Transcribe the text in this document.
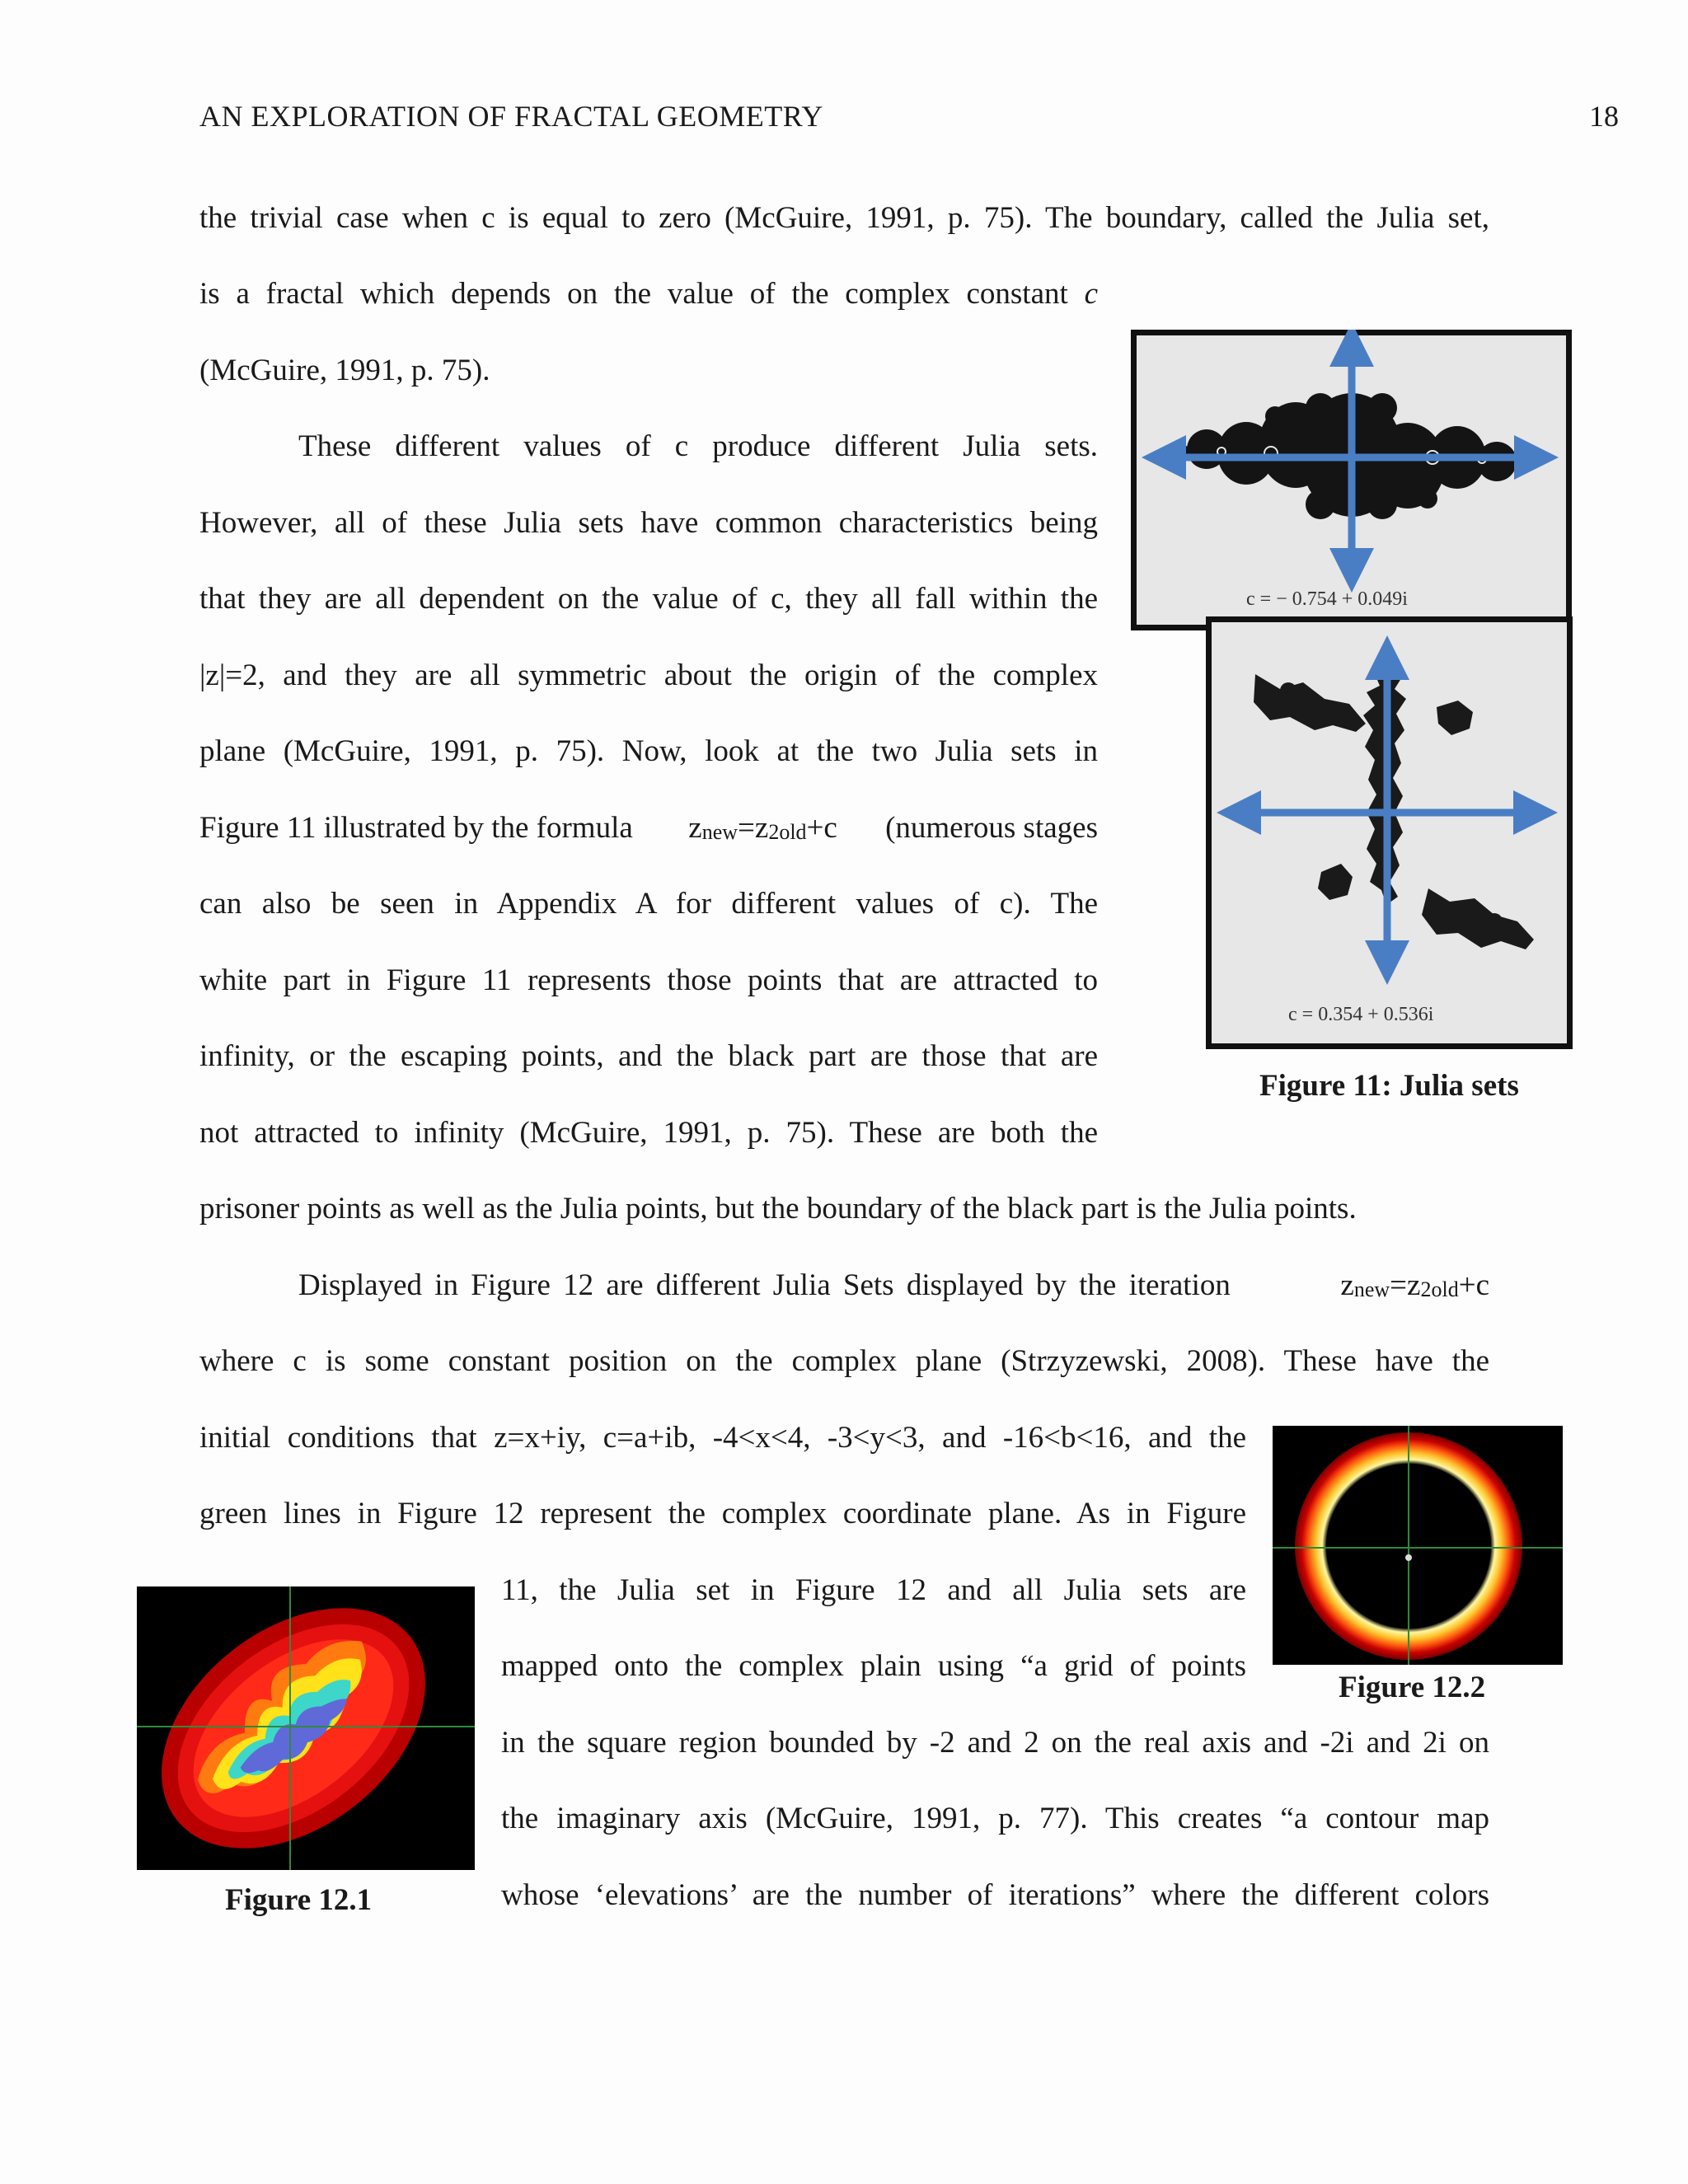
AN EXPLORATION OF FRACTAL GEOMETRY	18
the trivial case when c is equal to zero (McGuire, 1991, p. 75). The boundary, called the Julia set,
is a fractal which depends on the value of the complex constant c
(McGuire, 1991, p. 75).
These different values of c produce different Julia sets.
However, all of these Julia sets have common characteristics being
that they are all dependent on the value of c, they all fall within the
|z|=2, and they are all symmetric about the origin of the complex
plane (McGuire, 1991, p. 75). Now, look at the two Julia sets in
Figure 11 illustrated by the formula znew=z2old+c (numerous stages
can also be seen in Appendix A for different values of c). The
white part in Figure 11 represents those points that are attracted to
infinity, or the escaping points, and the black part are those that are
not attracted to infinity (McGuire, 1991, p. 75). These are both the
prisoner points as well as the Julia points, but the boundary of the black part is the Julia points.
Displayed in Figure 12 are different Julia Sets displayed by the iteration	znew=z2old+c
where c is some constant position on the complex plane (Strzyzewski, 2008). These have the
initial conditions that z=x+iy, c=a+ib, -4<x<4, -3<y<3, and -16<b<16, and the
green lines in Figure 12 represent the complex coordinate plane. As in Figure
11, the Julia set in Figure 12 and all Julia sets are
mapped onto the complex plain using “a grid of points
in the square region bounded by -2 and 2 on the real axis and -2i and 2i on
the imaginary axis (McGuire, 1991, p. 77). This creates “a contour map
whose ‘elevations’ are the number of iterations” where the different colors
c = − 0.754 + 0.049i
c = 0.354 + 0.536i
Figure 11: Julia sets
Figure 12.2
Figure 12.1
